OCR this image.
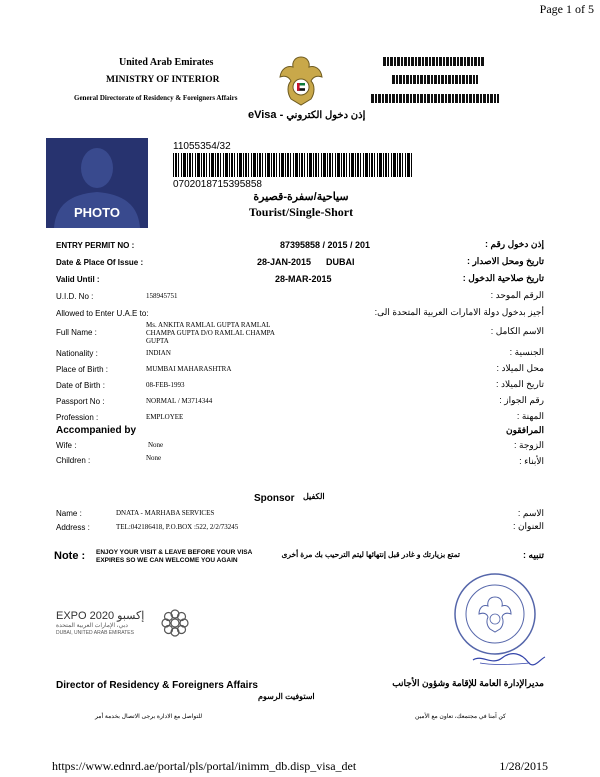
Page 1 of 5
United Arab Emirates
MINISTRY OF INTERIOR
General Directorate of Residency & Foreigners Affairs
eVisa - إذن دخول الكتروني
PHOTO
11055354/32
0702018715395858
سياحية/سفرة-قصيرة
Tourist/Single-Short
ENTRY PERMIT NO :	87395858 / 2015 / 201	إذن دخول رقم :
Date & Place Of Issue :	28-JAN-2015 DUBAI	تاريخ ومحل الاصدار :
Valid Until :	28-MAR-2015	تاريخ صلاحية الدخول :
U.I.D. No :	158945751	الرقم الموحد :
Allowed to Enter U.A.E to:	أجيز بدخول دولة الامارات العربية المتحدة الى:
Full Name :
Ms. ANKITA RAMLAL GUPTA RAMLAL
CHAMPA GUPTA D/O RAMLAL CHAMPA
GUPTA
الاسم الكامل :
Nationality :	INDIAN	الجنسية :
Place of Birth :	MUMBAI MAHARASHTRA	محل الميلاد :
Date of Birth :	08-FEB-1993	تاريخ الميلاد :
Passport No :	NORMAL / M3714344	رقم الجواز :
Profession :	EMPLOYEE	المهنة :
Accompanied by	المرافقون
Wife :	None	الزوجة :
Children :	None	الأبناء :
Sponsor الكفيل
Name :	DNATA - MARHABA SERVICES	الاسم :
Address :	TEL:042186418, P.O.BOX :522, 2/2/73245	العنوان :
Note : ENJOY YOUR VISIT & LEAVE BEFORE YOUR VISA
EXPIRES SO WE CAN WELCOME YOU AGAIN
تمتع بزيارتك و غادر قبل إنتهائها ليتم الترحيب بك مرة أخرى	تنبيه :
EXPO 2020 إكسبو
دبي، الإمارات العربية المتحدة
DUBAI, UNITED ARAB EMIRATES
Director of Residency & Foreigners Affairs	مديرالإدارة العامة للإقامة وشؤون الأجانب
استوفيت الرسوم
للتواصل مع الادارة برجى الاتصال بخدمة أمر	كن آمنا في مجتمعك، تعاون مع الأمين
https://www.ednrd.ae/portal/pls/portal/inimm_db.disp_visa_det	1/28/2015
